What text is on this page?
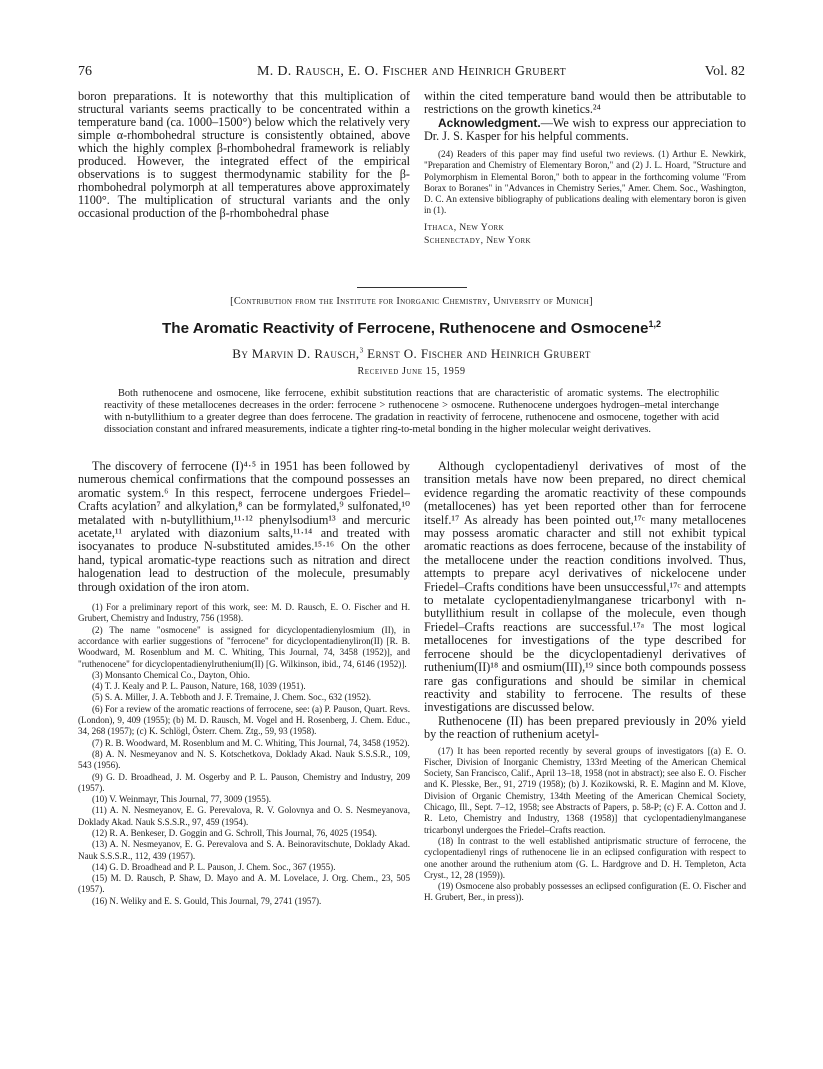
76	M. D. Rausch, E. O. Fischer and Heinrich Grubert	Vol. 82

boron preparations. It is noteworthy that this multiplication of structural variants seems practically to be concentrated within a temperature band (ca. 1000–1500°) below which the relatively very simple α-rhombohedral structure is consistently obtained, above which the highly complex β-rhombohedral framework is reliably produced. However, the integrated effect of the empirical observations is to suggest thermodynamic stability for the β-rhombohedral polymorph at all temperatures above approximately 1100°. The multiplication of structural variants and the only occasional production of the β-rhombohedral phase

within the cited temperature band would then be attributable to restrictions on the growth kinetics.²⁴

Acknowledgment.—We wish to express our appreciation to Dr. J. S. Kasper for his helpful comments.

(24) Readers of this paper may find useful two reviews. (1) Arthur E. Newkirk, "Preparation and Chemistry of Elementary Boron," and (2) J. L. Hoard, "Structure and Polymorphism in Elemental Boron," both to appear in the forthcoming volume "From Borax to Boranes" in "Advances in Chemistry Series," Amer. Chem. Soc., Washington, D. C. An extensive bibliography of publications dealing with elementary boron is given in (1).

Ithaca, New York

Schenectady, New York

[Contribution from the Institute for Inorganic Chemistry, University of Munich]
The Aromatic Reactivity of Ferrocene, Ruthenocene and Osmocene$^{1,2}$
By Marvin D. Rausch,$^3$ Ernst O. Fischer and Heinrich Grubert
Received June 15, 1959

Both ruthenocene and osmocene, like ferrocene, exhibit substitution reactions that are characteristic of aromatic systems. The electrophilic reactivity of these metallocenes decreases in the order: ferrocene > ruthenocene > osmocene. Ruthenocene undergoes hydrogen–metal interchange with n-butyllithium to a greater degree than does ferrocene. The gradation in reactivity of ferrocene, ruthenocene and osmocene, together with acid dissociation constant and infrared measurements, indicate a tighter ring-to-metal bonding in the higher molecular weight derivatives.

The discovery of ferrocene (I)⁴·⁵ in 1951 has been followed by numerous chemical confirmations that the compound possesses an aromatic system.⁶ In this respect, ferrocene undergoes Friedel–Crafts acylation⁷ and alkylation,⁸ can be formylated,⁹ sulfonated,¹⁰ metalated with n-butyllithium,¹¹·¹² phenylsodium¹³ and mercuric acetate,¹¹ arylated with diazonium salts,¹¹·¹⁴ and treated with isocyanates to produce N-substituted amides.¹⁵·¹⁶ On the other hand, typical aromatic-type reactions such as nitration and direct halogenation lead to destruction of the molecule, presumably through oxidation of the iron atom.

(1) For a preliminary report of this work, see: M. D. Rausch, E. O. Fischer and H. Grubert, Chemistry and Industry, 756 (1958).

(2) The name "osmocene" is assigned for dicyclopentadienylosmium (II), in accordance with earlier suggestions of "ferrocene" for dicyclopentadienyliron(II) [R. B. Woodward, M. Rosenblum and M. C. Whiting, This Journal, 74, 3458 (1952)], and "ruthenocene" for dicyclopentadienylruthenium(II) [G. Wilkinson, ibid., 74, 6146 (1952)].

(3) Monsanto Chemical Co., Dayton, Ohio.

(4) T. J. Kealy and P. L. Pauson, Nature, 168, 1039 (1951).

(5) S. A. Miller, J. A. Tebboth and J. F. Tremaine, J. Chem. Soc., 632 (1952).

(6) For a review of the aromatic reactions of ferrocene, see: (a) P. Pauson, Quart. Revs. (London), 9, 409 (1955); (b) M. D. Rausch, M. Vogel and H. Rosenberg, J. Chem. Educ., 34, 268 (1957); (c) K. Schlögl, Österr. Chem. Ztg., 59, 93 (1958).

(7) R. B. Woodward, M. Rosenblum and M. C. Whiting, This Journal, 74, 3458 (1952).

(8) A. N. Nesmeyanov and N. S. Kotschetkova, Doklady Akad. Nauk S.S.S.R., 109, 543 (1956).

(9) G. D. Broadhead, J. M. Osgerby and P. L. Pauson, Chemistry and Industry, 209 (1957).

(10) V. Weinmayr, This Journal, 77, 3009 (1955).

(11) A. N. Nesmeyanov, E. G. Perevalova, R. V. Golovnya and O. S. Nesmeyanova, Doklady Akad. Nauk S.S.S.R., 97, 459 (1954).

(12) R. A. Benkeser, D. Goggin and G. Schroll, This Journal, 76, 4025 (1954).

(13) A. N. Nesmeyanov, E. G. Perevalova and S. A. Beinoravitschute, Doklady Akad. Nauk S.S.S.R., 112, 439 (1957).

(14) G. D. Broadhead and P. L. Pauson, J. Chem. Soc., 367 (1955).

(15) M. D. Rausch, P. Shaw, D. Mayo and A. M. Lovelace, J. Org. Chem., 23, 505 (1957).

(16) N. Weliky and E. S. Gould, This Journal, 79, 2741 (1957).

Although cyclopentadienyl derivatives of most of the transition metals have now been prepared, no direct chemical evidence regarding the aromatic reactivity of these compounds (metallocenes) has yet been reported other than for ferrocene itself.¹⁷ As already has been pointed out,¹⁷ᶜ many metallocenes may possess aromatic character and still not exhibit typical aromatic reactions as does ferrocene, because of the instability of the metallocene under the reaction conditions involved. Thus, attempts to prepare acyl derivatives of nickelocene under Friedel–Crafts conditions have been unsuccessful,¹⁷ᶜ and attempts to metalate cyclopentadienylmanganese tricarbonyl with n-butyllithium result in collapse of the molecule, even though Friedel–Crafts reactions are successful.¹⁷ᵃ The most logical metallocenes for investigations of the type described for ferrocene should be the dicyclopentadienyl derivatives of ruthenium(II)¹⁸ and osmium(III),¹⁹ since both compounds possess rare gas configurations and should be similar in chemical reactivity and stability to ferrocene. The results of these investigations are discussed below.

Ruthenocene (II) has been prepared previously in 20% yield by the reaction of ruthenium acetyl-

(17) It has been reported recently by several groups of investigators [(a) E. O. Fischer, Division of Inorganic Chemistry, 133rd Meeting of the American Chemical Society, San Francisco, Calif., April 13–18, 1958 (not in abstract); see also E. O. Fischer and K. Plesske, Ber., 91, 2719 (1958); (b) J. Kozikowski, R. E. Maginn and M. Klove, Division of Organic Chemistry, 134th Meeting of the American Chemical Society, Chicago, Ill., Sept. 7–12, 1958; see Abstracts of Papers, p. 58-P; (c) F. A. Cotton and J. R. Leto, Chemistry and Industry, 1368 (1958)] that cyclopentadienylmanganese tricarbonyl undergoes the Friedel–Crafts reaction.

(18) In contrast to the well established antiprismatic structure of ferrocene, the cyclopentadienyl rings of ruthenocene lie in an eclipsed configuration with respect to one another around the ruthenium atom (G. L. Hardgrove and D. H. Templeton, Acta Cryst., 12, 28 (1959)).

(19) Osmocene also probably possesses an eclipsed configuration (E. O. Fischer and H. Grubert, Ber., in press)).
